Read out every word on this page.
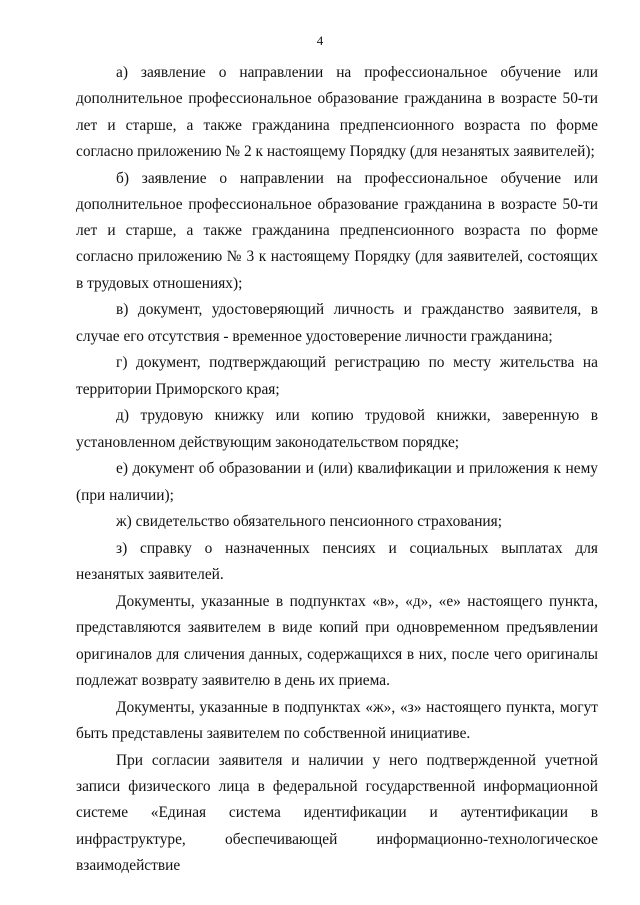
4

а) заявление о направлении на профессиональное обучение или дополнительное профессиональное образование гражданина в возрасте 50-ти лет и старше, а также гражданина предпенсионного возраста по форме согласно приложению № 2 к настоящему Порядку (для незанятых заявителей);

б) заявление о направлении на профессиональное обучение или дополнительное профессиональное образование гражданина в возрасте 50-ти лет и старше, а также гражданина предпенсионного возраста по форме согласно приложению № 3 к настоящему Порядку (для заявителей, состоящих в трудовых отношениях);

в) документ, удостоверяющий личность и гражданство заявителя, в случае его отсутствия - временное удостоверение личности гражданина;

г) документ, подтверждающий регистрацию по месту жительства на территории Приморского края;

д) трудовую книжку или копию трудовой книжки, заверенную в установленном действующим законодательством порядке;

е) документ об образовании и (или) квалификации и приложения к нему (при наличии);

ж) свидетельство обязательного пенсионного страхования;

з) справку о назначенных пенсиях и социальных выплатах для незанятых заявителей.

Документы, указанные в подпунктах «в», «д», «е» настоящего пункта, представляются заявителем в виде копий при одновременном предъявлении оригиналов для сличения данных, содержащихся в них, после чего оригиналы подлежат возврату заявителю в день их приема.

Документы, указанные в подпунктах «ж», «з» настоящего пункта, могут быть представлены заявителем по собственной инициативе.

При согласии заявителя и наличии у него подтвержденной учетной записи физического лица в федеральной государственной информационной системе «Единая система идентификации и аутентификации в инфраструктуре, обеспечивающей информационно-технологическое взаимодействие
